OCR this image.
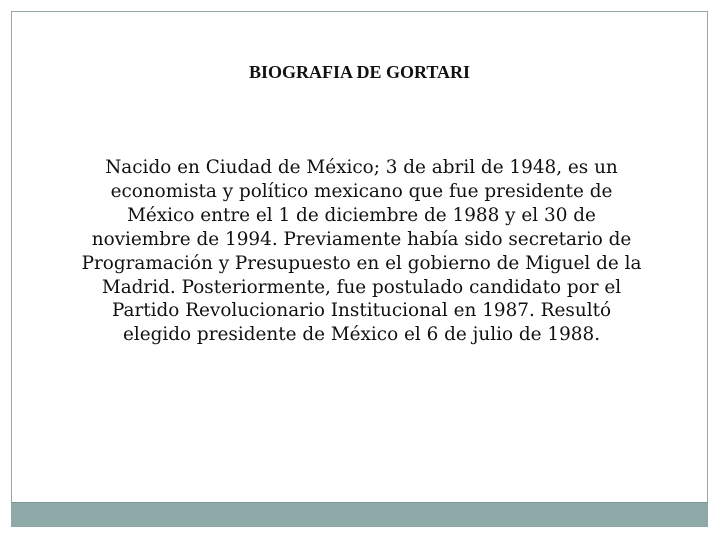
BIOGRAFIA DE GORTARI

Nacido en Ciudad de México; 3 de abril de 1948, es un economista y político mexicano que fue presidente de México entre el 1 de diciembre de 1988 y el 30 de noviembre de 1994. Previamente había sido secretario de Programación y Presupuesto en el gobierno de Miguel de la Madrid. Posteriormente, fue postulado candidato por el Partido Revolucionario Institucional en 1987. Resultó elegido presidente de México el 6 de julio de 1988.
